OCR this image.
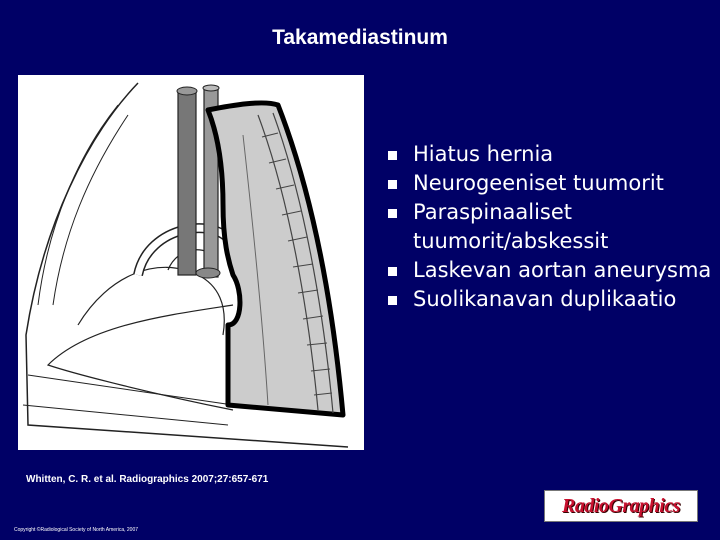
Takamediastinum
Hiatus hernia
Neurogeeniset tuumorit
Paraspinaaliset tuumorit/abskessit
Laskevan aortan aneurysma
Suolikanavan duplikaatio
Whitten, C. R. et al. Radiographics 2007;27:657-671
Copyright ©Radiological Society of North America, 2007
RadioGraphics
